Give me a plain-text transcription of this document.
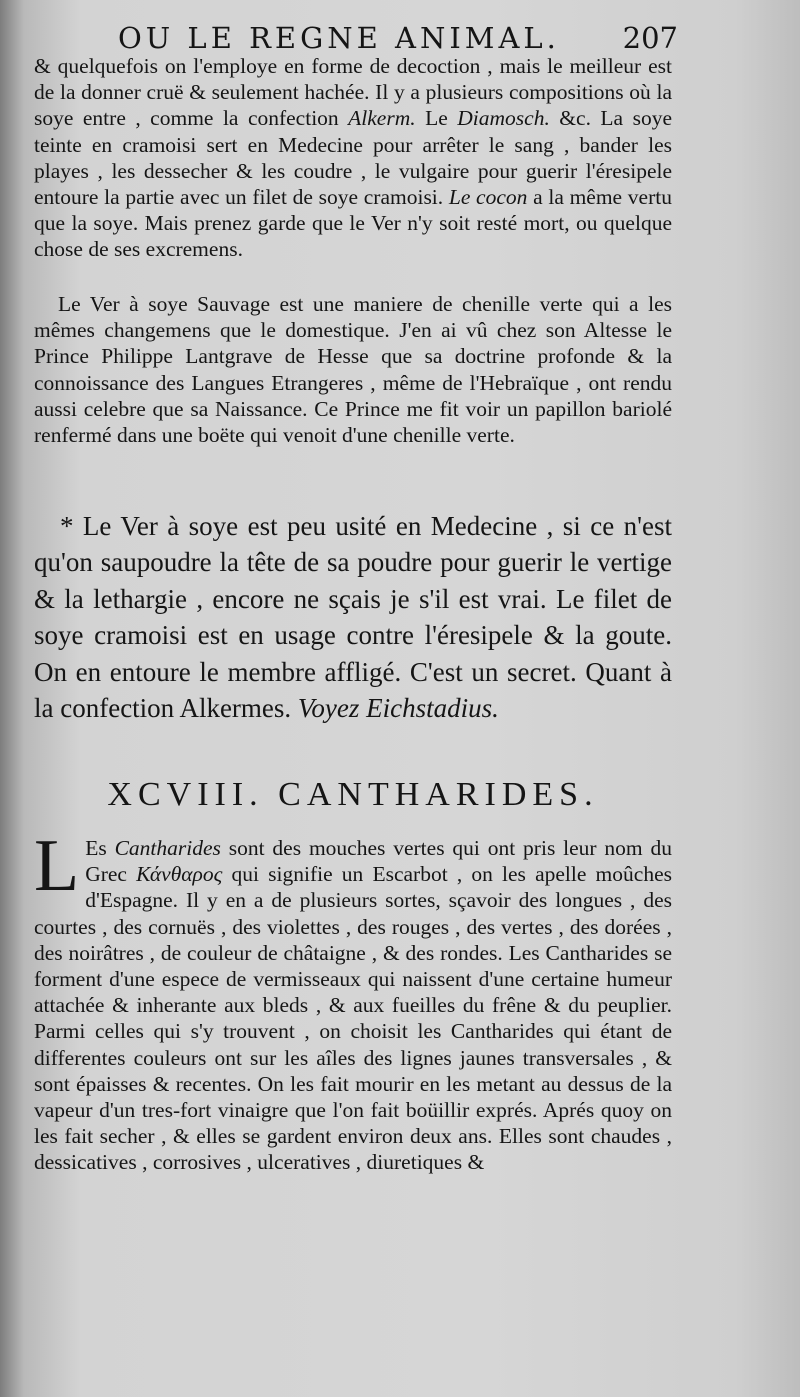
OU LE REGNE ANIMAL. 207
& quelquefois on l'employe en forme de decoction , mais le meilleur est de la donner cruë & seulement hachée. Il y a plusieurs compositions où la soye entre , comme la confection Alkerm. Le Diamosch. &c. La soye teinte en cramoisi sert en Medecine pour arrêter le sang , bander les playes , les dessecher & les coudre , le vulgaire pour guerir l'éresipele entoure la partie avec un filet de soye cramoisi. Le cocon a la même vertu que la soye. Mais prenez garde que le Ver n'y soit resté mort, ou quelque chose de ses excremens.
Le Ver à soye Sauvage est une maniere de chenille verte qui a les mêmes changemens que le domestique. J'en ai vû chez son Altesse le Prince Philippe Lantgrave de Hesse que sa doctrine profonde & la connoissance des Langues Etrangeres , même de l'Hebraïque , ont rendu aussi celebre que sa Naissance. Ce Prince me fit voir un papillon bariolé renfermé dans une boëte qui venoit d'une chenille verte.
* Le Ver à soye est peu usité en Medecine , si ce n'est qu'on saupoudre la tête de sa poudre pour guerir le vertige & la lethargie , encore ne sçais je s'il est vrai. Le filet de soye cramoisi est en usage contre l'éresipele & la goute. On en entoure le membre affligé. C'est un secret. Quant à la confection Alkermes. Voyez Eichstadius.
XCVIII. CANTHARIDES.
L Es Cantharides sont des mouches vertes qui ont pris leur nom du Grec Κάνθαρος qui signifie un Escarbot , on les apelle moûches d'Espagne. Il y en a de plusieurs sortes, sçavoir des longues , des courtes , des cornuës , des violettes , des rouges , des vertes , des dorées , des noirâtres , de couleur de châtaigne , & des rondes. Les Cantharides se forment d'une espece de vermisseaux qui naissent d'une certaine humeur attachée & inherante aux bleds , & aux fueilles du frêne & du peuplier. Parmi celles qui s'y trouvent , on choisit les Cantharides qui étant de differentes couleurs ont sur les aîles des lignes jaunes transversales , & sont épaisses & recentes. On les fait mourir en les metant au dessus de la vapeur d'un tres-fort vinaigre que l'on fait boüillir exprés. Aprés quoy on les fait secher , & elles se gardent environ deux ans. Elles sont chaudes , dessicatives , corrosives , ulceratives , diuretiques &
